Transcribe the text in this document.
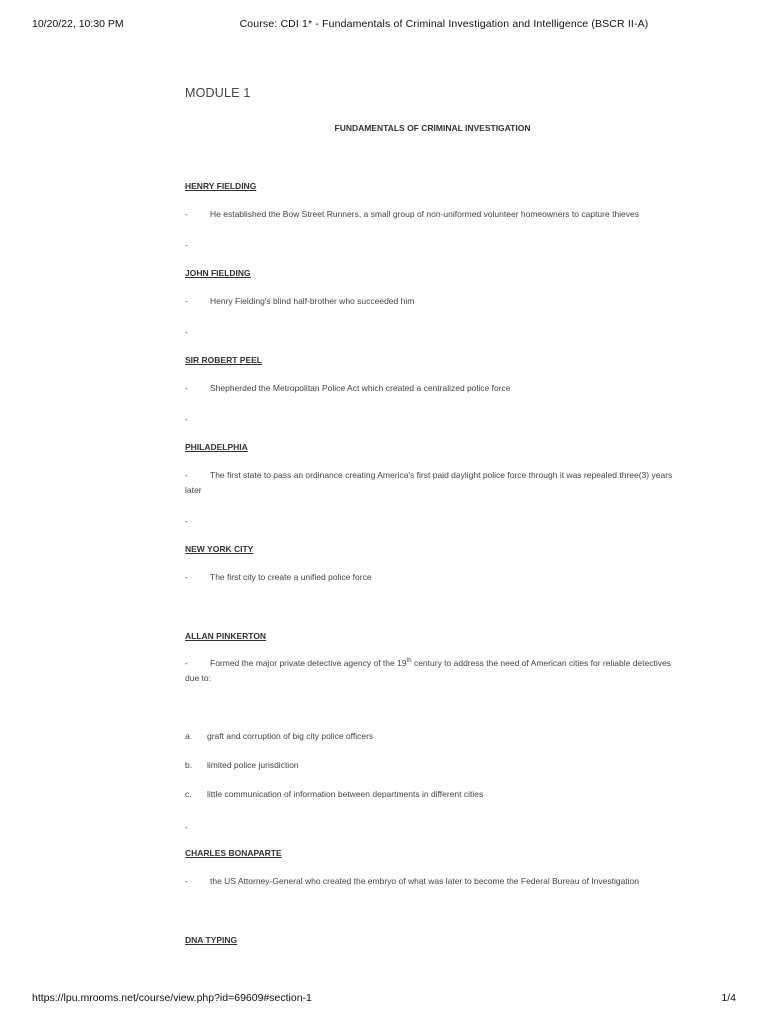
10/20/22, 10:30 PM	Course: CDI 1* - Fundamentals of Criminal Investigation and Intelligence (BSCR II-A)
MODULE 1
FUNDAMENTALS OF CRIMINAL INVESTIGATION
HENRY FIELDING
-	He established the Bow Street Runners, a small group of non-uniformed volunteer homeowners to capture thieves
-
JOHN FIELDING
-	Henry Fielding's blind half-brother who succeeded him
-
SIR ROBERT PEEL
-	Shepherded the Metropolitan Police Act which created a centralized police force
-
PHILADELPHIA
-	The first state to pass an ordinance creating America's first paid daylight police force through it was repealed three(3) years later
-
NEW YORK CITY
-	The first city to create a unified police force
ALLAN PINKERTON
-	Formed the major private detective agency of the 19th century to address the need of American cities for reliable detectives due to:
a. graft and corruption of big city police officers
b. limited police jurisdiction
c. little communication of information between departments in different cities
-
CHARLES BONAPARTE
-	the US Attorney-General who created the embryo of what was later to become the Federal Bureau of Investigation
DNA TYPING
https://lpu.mrooms.net/course/view.php?id=69609#section-1	1/4
